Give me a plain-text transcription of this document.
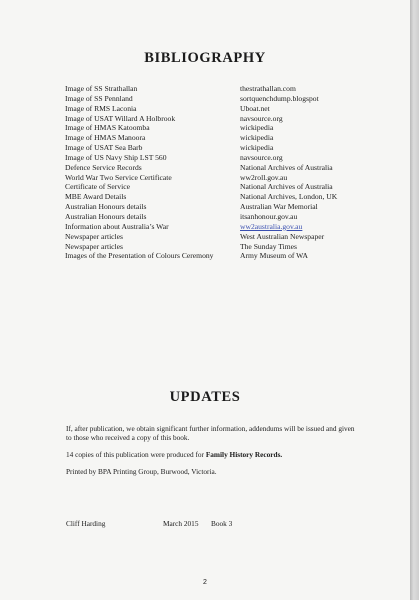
BIBLIOGRAPHY
Image of SS Strathallan	thestrathallan.com
Image of SS Pennland	sortquenchdump.blogspot
Image of RMS Laconia	Uboat.net
Image of USAT Willard A Holbrook	navsource.org
Image of HMAS Katoomba	wickipedia
Image of HMAS Manoora	wickipedia
Image of USAT Sea Barb	wickipedia
Image of US Navy Ship LST 560	navsource.org
Defence Service Records	National Archives of Australia
World War Two Service Certificate	ww2roll.gov.au
Certificate of Service	National Archives of Australia
MBE Award Details	National Archives, London, UK
Australian Honours details	Australian War Memorial
Australian Honours details	itsanhonour.gov.au
Information about Australia’s War	ww2australia.gov.au
Newspaper articles	West Australian Newspaper
Newspaper articles	The Sunday Times
Images of the Presentation of Colours Ceremony	Army Museum of WA
UPDATES
If, after publication, we obtain significant further information, addendums will be issued and given to those who received a copy of this book.
14 copies of this publication were produced for Family History Records.
Printed by BPA Printing Group, Burwood, Victoria.
Cliff Harding	March 2015 Book 3
2
